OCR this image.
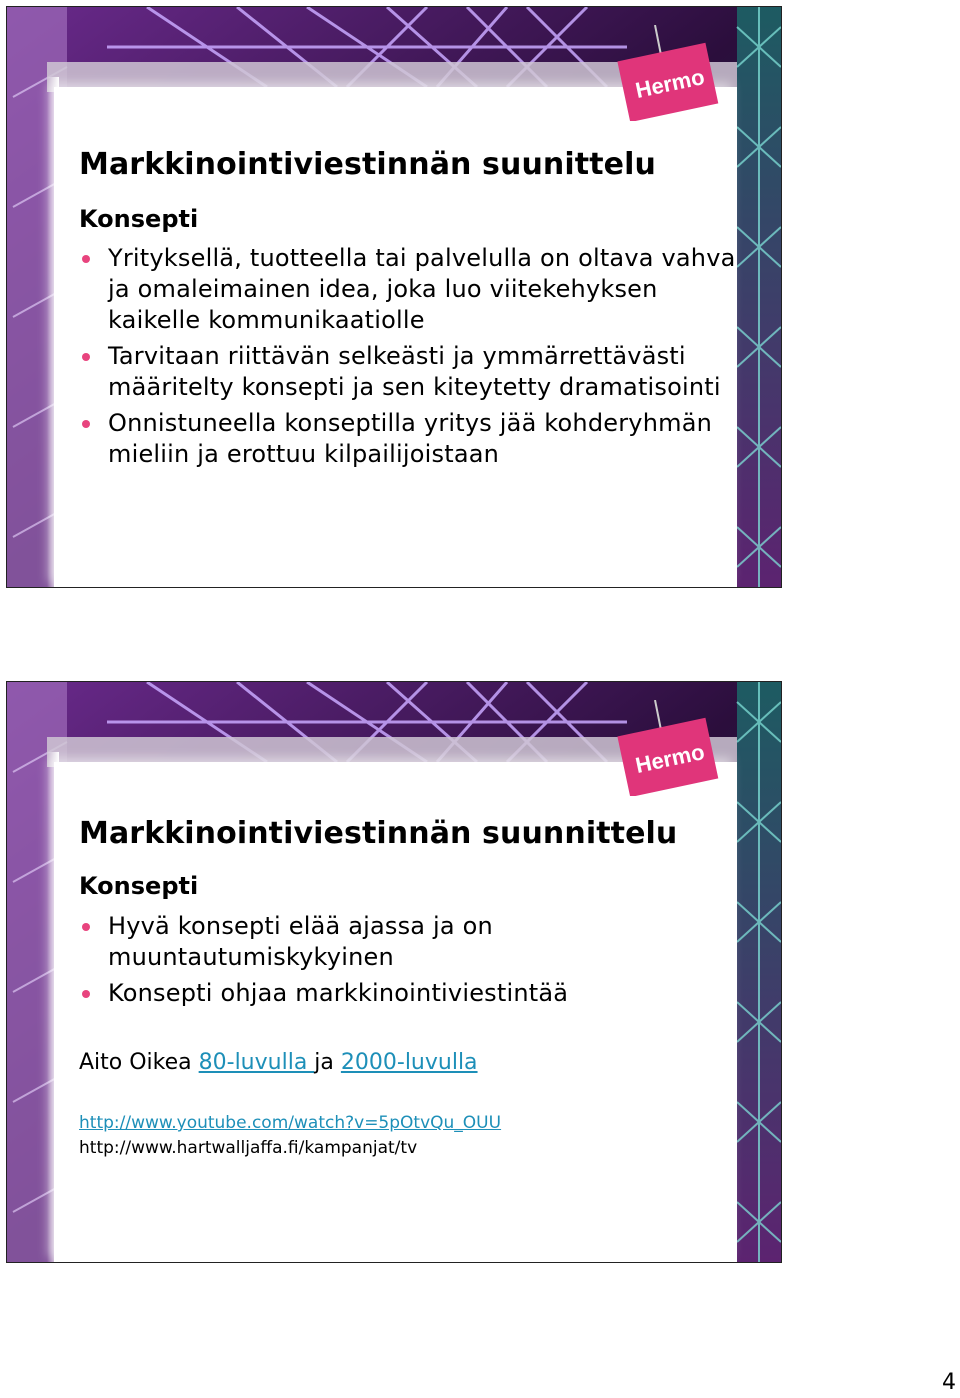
Hermo
Markkinointiviestinnän suunittelu
Konsepti
Yrityksellä, tuotteella tai palvelulla on oltava vahva ja omaleimainen idea, joka luo viitekehyksen kaikelle kommunikaatiolle
Tarvitaan riittävän selkeästi ja ymmärrettävästi määritelty konsepti ja sen kiteytetty dramatisointi
Onnistuneella konseptilla yritys jää kohderyhmän mieliin ja erottuu kilpailijoistaan
Hermo
Markkinointiviestinnän suunnittelu
Konsepti
Hyvä konsepti elää ajassa ja on muuntautumiskykyinen
Konsepti ohjaa markkinointiviestintää
Aito Oikea 80-luvulla ja 2000-luvulla
http://www.youtube.com/watch?v=5pOtvQu_OUU
http://www.hartwalljaffa.fi/kampanjat/tv
4
